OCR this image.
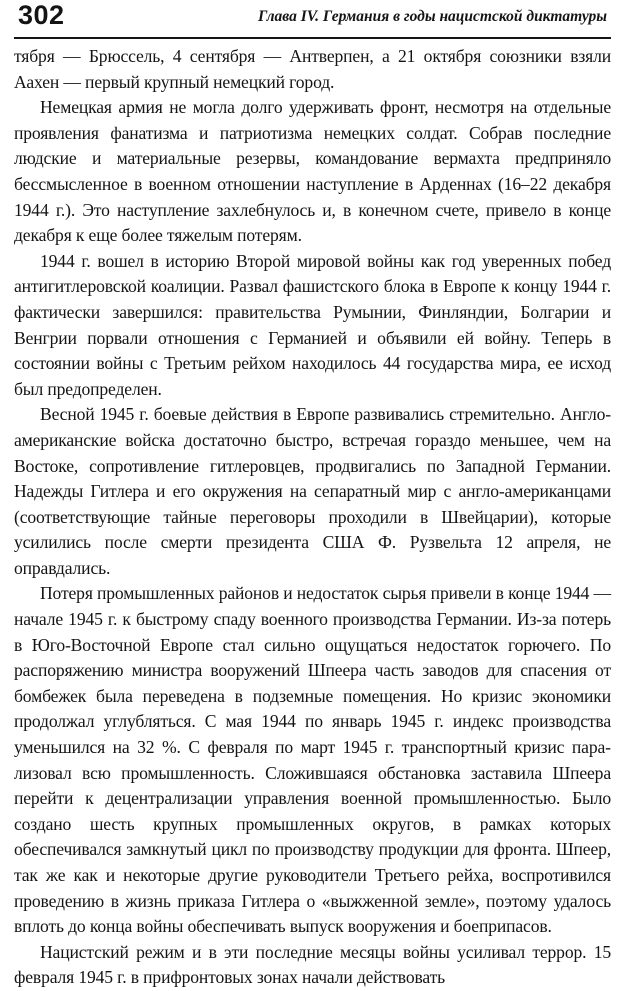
302	Глава IV. Германия в годы нацистской диктатуры

тября — Брюссель, 4 сентября — Антверпен, а 21 октября союзники взяли Аахен — первый крупный немецкий город.

Немецкая армия не могла долго удерживать фронт, несмотря на отдельные проявления фанатизма и патриотизма немецких солдат. Собрав последние людские и материальные резервы, командование вермахта предприняло бессмысленное в военном отношении наступление в Арденнах (16–22 декабря 1944 г.). Это наступление захлебнулось и, в конечном счете, привело в конце декабря к еще более тяжелым потерям.

1944 г. вошел в историю Второй мировой войны как год уверенных побед антигитлеровской коалиции. Развал фашистского блока в Европе к концу 1944 г. фактически завершился: правительства Румынии, Финляндии, Болгарии и Венгрии порвали отношения с Германией и объявили ей войну. Теперь в состоянии войны с Третьим рейхом находилось 44 государства мира, ее исход был предопределен.

Весной 1945 г. боевые действия в Европе развивались стремительно. Англо-американские войска достаточно быстро, встречая гораздо меньшее, чем на Востоке, сопротивление гитлеровцев, продвигались по Западной Германии. Надежды Гитлера и его окружения на сепаратный мир с англо-американцами (соответствующие тайные переговоры проходили в Швейцарии), которые усилились после смерти президента США Ф. Рузвельта 12 апреля, не оправдались.

Потеря промышленных районов и недостаток сырья привели в конце 1944 — начале 1945 г. к быстрому спаду военного производства Германии. Из-за потерь в Юго-Восточной Европе стал сильно ощущаться недостаток горючего. По распоряжению министра вооружений Шпеера часть заводов для спасения от бомбежек была переведена в подземные помещения. Но кризис экономики продолжал углубляться. С мая 1944 по январь 1945 г. индекс производства уменьшился на 32 %. С февраля по март 1945 г. транспортный кризис парализовал всю промышленность. Сложившаяся обстановка заставила Шпеера перейти к децентрализации управления военной промышленностью. Было создано шесть крупных промышленных округов, в рамках которых обеспечивался замкнутый цикл по производству продукции для фронта. Шпеер, так же как и некоторые другие руководители Третьего рейха, воспротивился проведению в жизнь приказа Гитлера о «выжженной земле», поэтому удалось вплоть до конца войны обеспечивать выпуск вооружения и боеприпасов.

Нацистский режим и в эти последние месяцы войны усиливал террор. 15 февраля 1945 г. в прифронтовых зонах начали действовать
